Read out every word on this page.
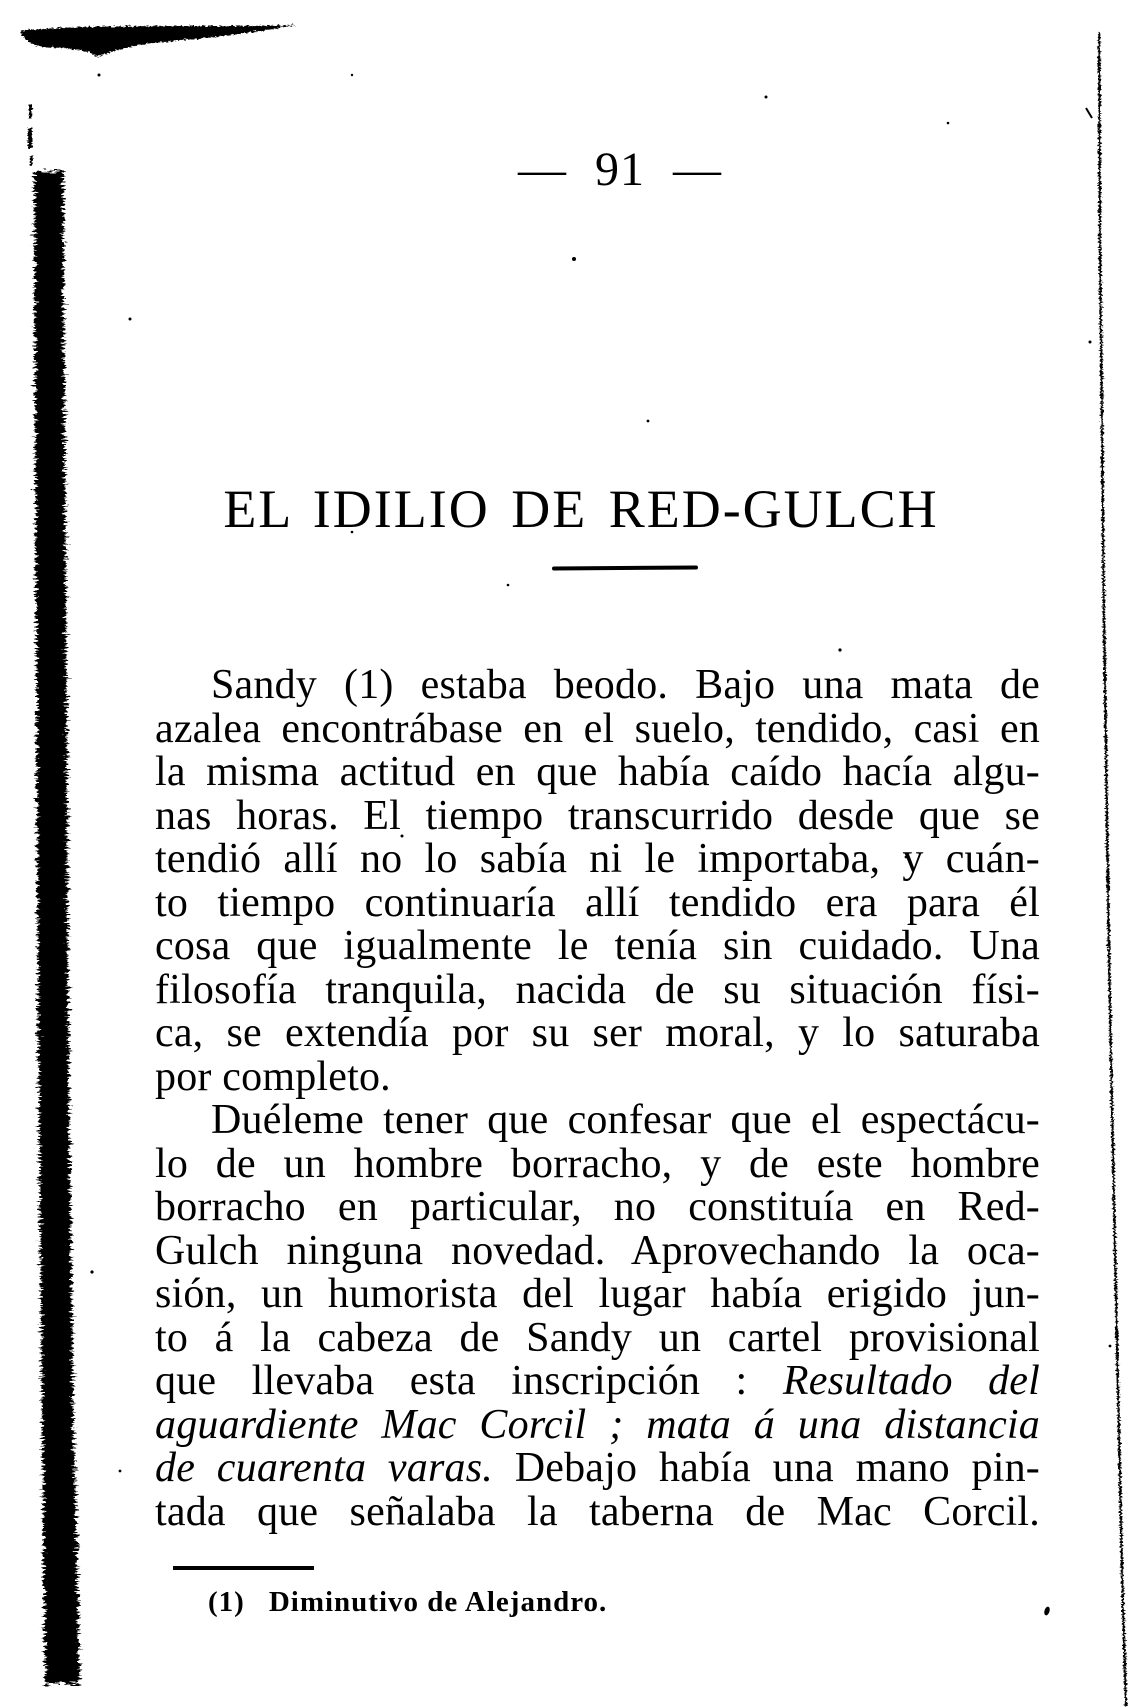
— 91 —
EL IDILIO DE RED-GULCH
Sandy (1) estaba beodo. Bajo una mata de
azalea encontrábase en el suelo, tendido, casi en
la misma actitud en que había caído hacía algu-
nas horas. El tiempo transcurrido desde que se
tendió allí no lo sabía ni le importaba, y cuán-
to tiempo continuaría allí tendido era para él
cosa que igualmente le tenía sin cuidado. Una
filosofía tranquila, nacida de su situación físi-
ca, se extendía por su ser moral, y lo saturaba
por completo.
Duéleme tener que confesar que el espectácu-
lo de un hombre borracho, y de este hombre
borracho en particular, no constituía en Red-
Gulch ninguna novedad. Aprovechando la oca-
sión, un humorista del lugar había erigido jun-
to á la cabeza de Sandy un cartel provisional
que llevaba esta inscripción : Resultado del
aguardiente Mac Corcil ; mata á una distancia
de cuarenta varas. Debajo había una mano pin-
tada que señalaba la taberna de Mac Corcil.
(1) Diminutivo de Alejandro.
